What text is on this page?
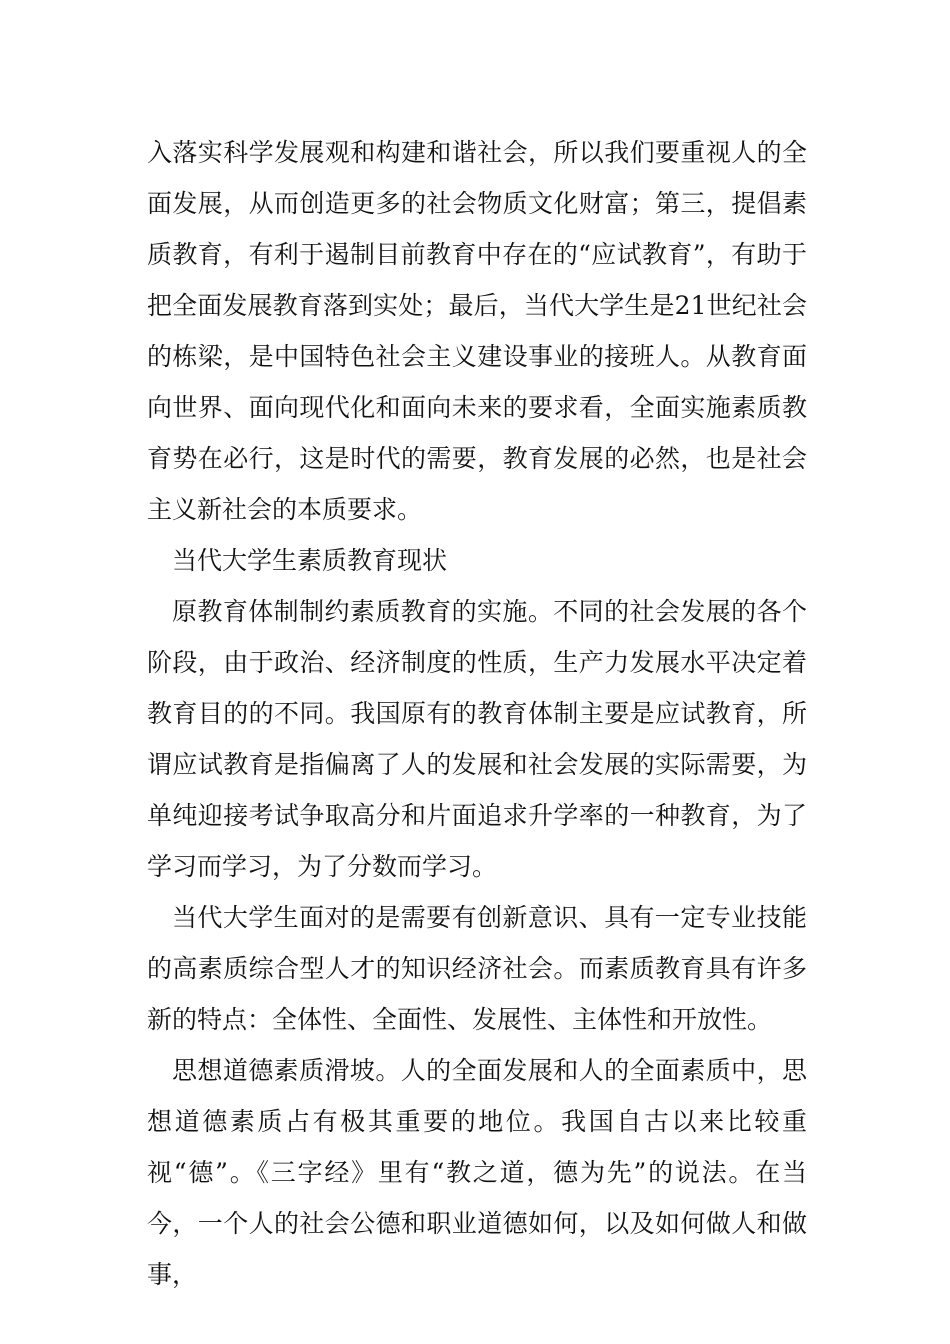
入落实科学发展观和构建和谐社会，所以我们要重视人的全面发展，从而创造更多的社会物质文化财富；第三，提倡素质教育，有利于遏制目前教育中存在的“应试教育”，有助于把全面发展教育落到实处；最后，当代大学生是21世纪社会的栋梁，是中国特色社会主义建设事业的接班人。从教育面向世界、面向现代化和面向未来的要求看，全面实施素质教育势在必行，这是时代的需要，教育发展的必然，也是社会主义新社会的本质要求。

当代大学生素质教育现状

原教育体制制约素质教育的实施。不同的社会发展的各个阶段，由于政治、经济制度的性质，生产力发展水平决定着教育目的的不同。我国原有的教育体制主要是应试教育，所谓应试教育是指偏离了人的发展和社会发展的实际需要，为单纯迎接考试争取高分和片面追求升学率的一种教育，为了学习而学习，为了分数而学习。

当代大学生面对的是需要有创新意识、具有一定专业技能的高素质综合型人才的知识经济社会。而素质教育具有许多新的特点：全体性、全面性、发展性、主体性和开放性。

思想道德素质滑坡。人的全面发展和人的全面素质中，思想道德素质占有极其重要的地位。我国自古以来比较重视“德”。《三字经》里有“教之道，德为先”的说法。在当今，一个人的社会公德和职业道德如何，以及如何做人和做事，
